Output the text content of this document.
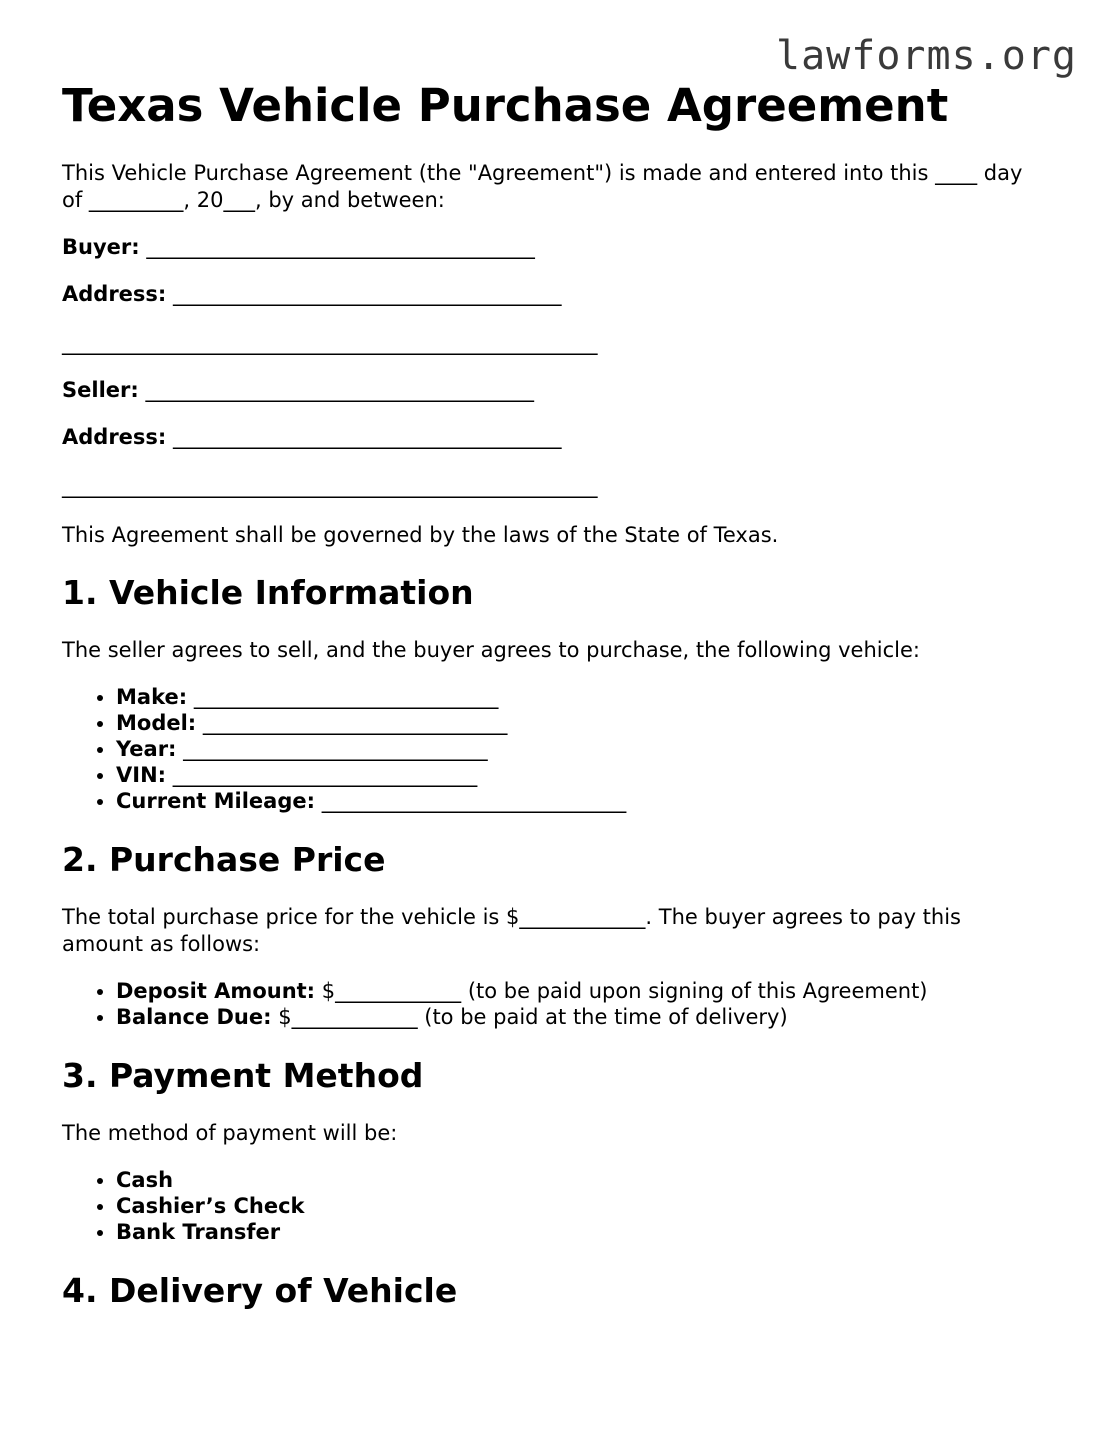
lawforms.org
Texas Vehicle Purchase Agreement

This Vehicle Purchase Agreement (the "Agreement") is made and entered into this ____ day of _________, 20___, by and between:

Buyer: _____________________________________

Address: _____________________________________

___________________________________________________

Seller: _____________________________________

Address: _____________________________________

___________________________________________________

This Agreement shall be governed by the laws of the State of Texas.

1. Vehicle Information

The seller agrees to sell, and the buyer agrees to purchase, the following vehicle:

• Make: _____________________________
• Model: _____________________________
• Year: _____________________________
• VIN: _____________________________
• Current Mileage: _____________________________
2. Purchase Price

The total purchase price for the vehicle is $____________. The buyer agrees to pay this amount as follows:

• Deposit Amount: $____________ (to be paid upon signing of this Agreement)
• Balance Due: $____________ (to be paid at the time of delivery)
3. Payment Method

The method of payment will be:

• Cash
• Cashier’s Check
• Bank Transfer
4. Delivery of Vehicle
